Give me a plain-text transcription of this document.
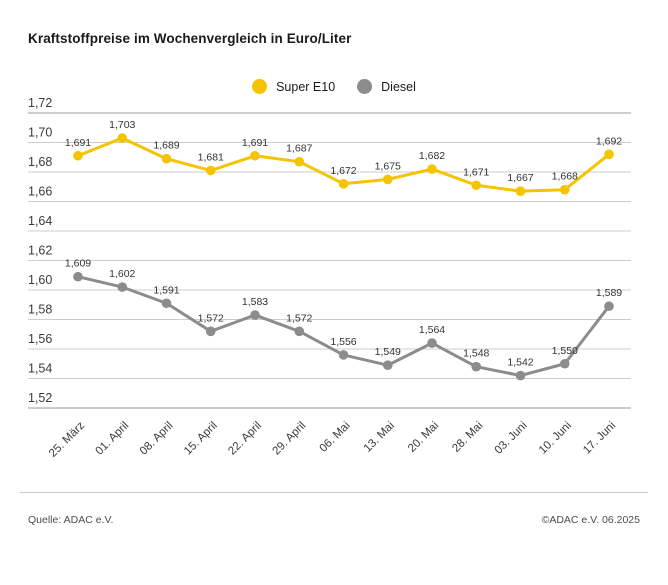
Kraftstoffpreise im Wochenvergleich in Euro/Liter
Super E10	Diesel
1,72
1,70
1,68
1,66
1,64
1,62
1,60
1,58
1,56
1,54
1,52
25. März 01. April 08. April 15. April 22. April 29. April 06. Mai 13. Mai 20. Mai 28. Mai 03. Juni 10. Juni 17. Juni
1,691
1,703
1,689
1,681
1,691 1,687
1,672 1,675
1,682
1,671 1,667 1,668
1,692
1,609
1,602
1,591
1,572
1,583
1,572
1,556
1,549
1,564
1,548
1,542
1,550
1,589
Quelle: ADAC e.V.	©ADAC e.V. 06.2025
